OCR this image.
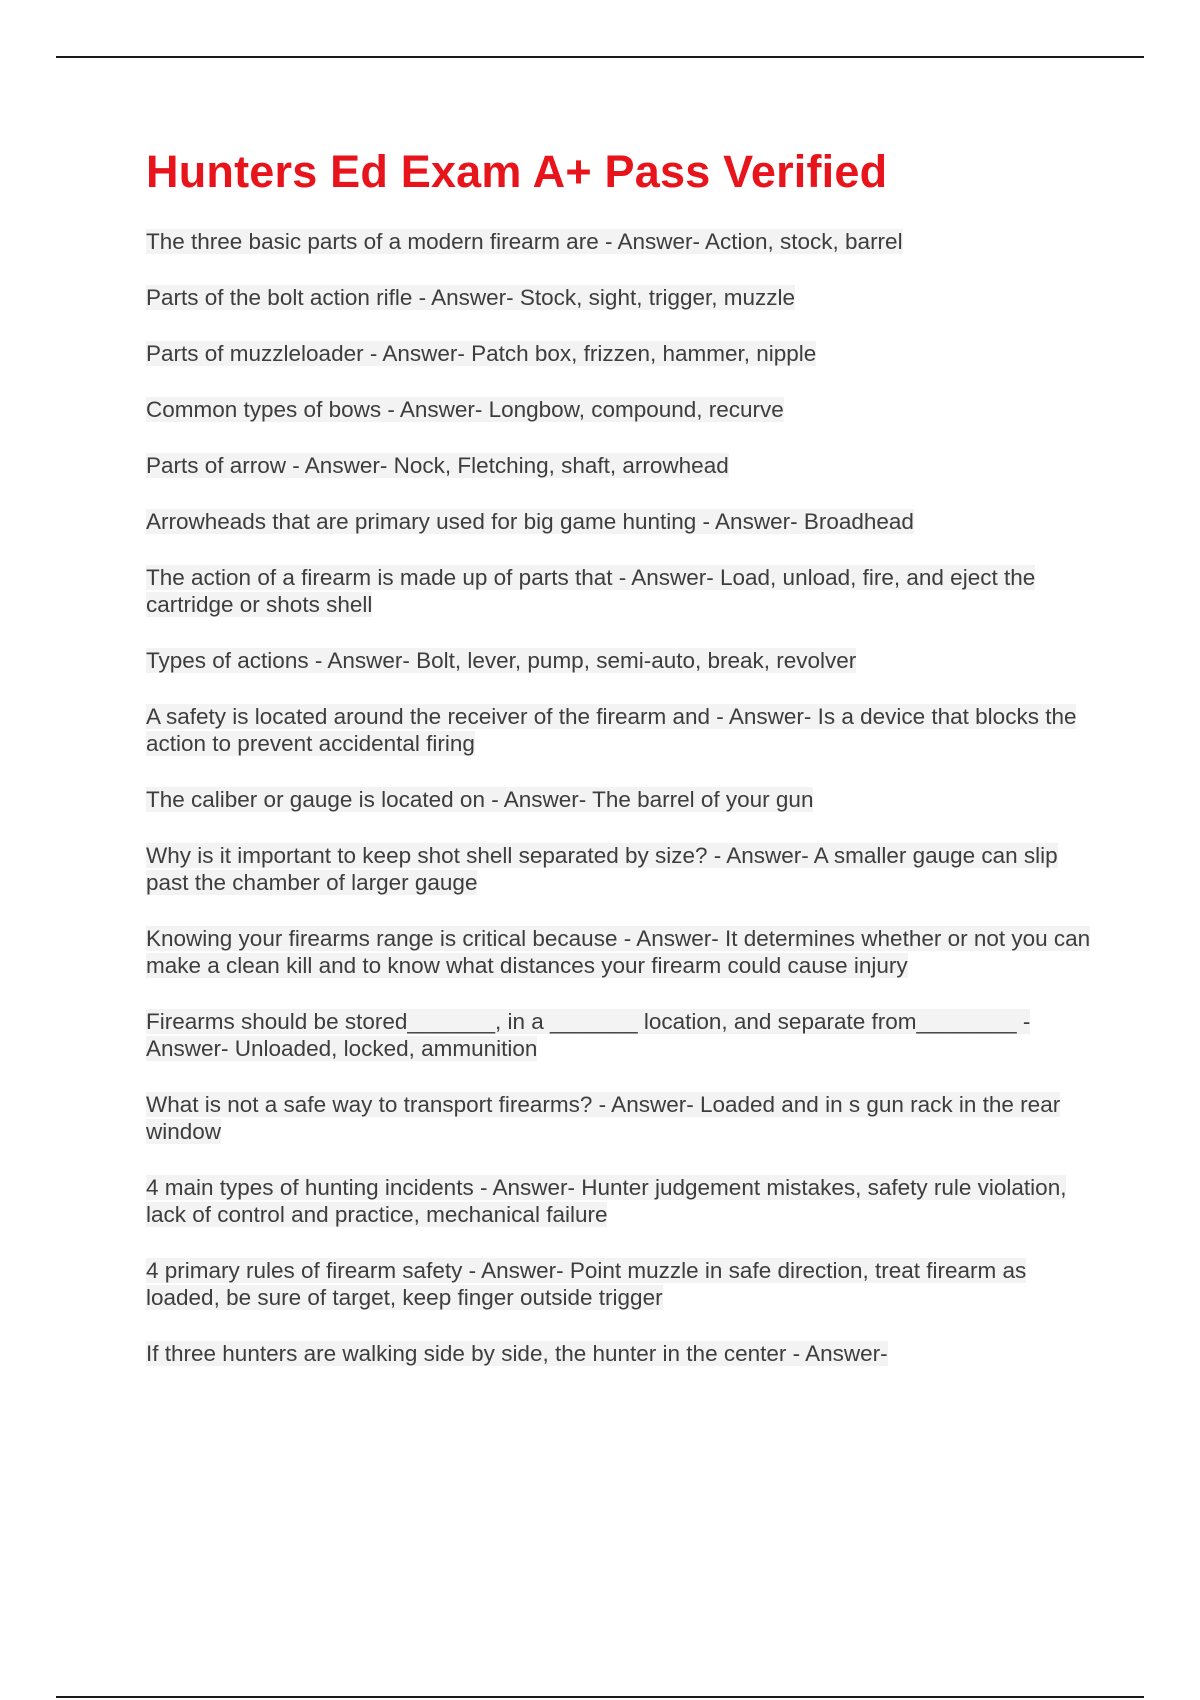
Hunters Ed Exam A+ Pass Verified
The three basic parts of a modern firearm are - Answer- Action, stock, barrel
Parts of the bolt action rifle - Answer- Stock, sight, trigger, muzzle
Parts of muzzleloader - Answer- Patch box, frizzen, hammer, nipple
Common types of bows - Answer- Longbow, compound, recurve
Parts of arrow - Answer- Nock, Fletching, shaft, arrowhead
Arrowheads that are primary used for big game hunting - Answer- Broadhead
The action of a firearm is made up of parts that - Answer- Load, unload, fire, and eject the cartridge or shots shell
Types of actions - Answer- Bolt, lever, pump, semi-auto, break, revolver
A safety is located around the receiver of the firearm and - Answer- Is a device that blocks the action to prevent accidental firing
The caliber or gauge is located on - Answer- The barrel of your gun
Why is it important to keep shot shell separated by size? - Answer- A smaller gauge can slip past the chamber of larger gauge
Knowing your firearms range is critical because - Answer- It determines whether or not you can make a clean kill and to know what distances your firearm could cause injury
Firearms should be stored_______, in a _______ location, and separate from________ - Answer- Unloaded, locked, ammunition
What is not a safe way to transport firearms? - Answer- Loaded and in s gun rack in the rear window
4 main types of hunting incidents - Answer- Hunter judgement mistakes, safety rule violation, lack of control and practice, mechanical failure
4 primary rules of firearm safety - Answer- Point muzzle in safe direction, treat firearm as loaded, be sure of target, keep finger outside trigger
If three hunters are walking side by side, the hunter in the center - Answer-
